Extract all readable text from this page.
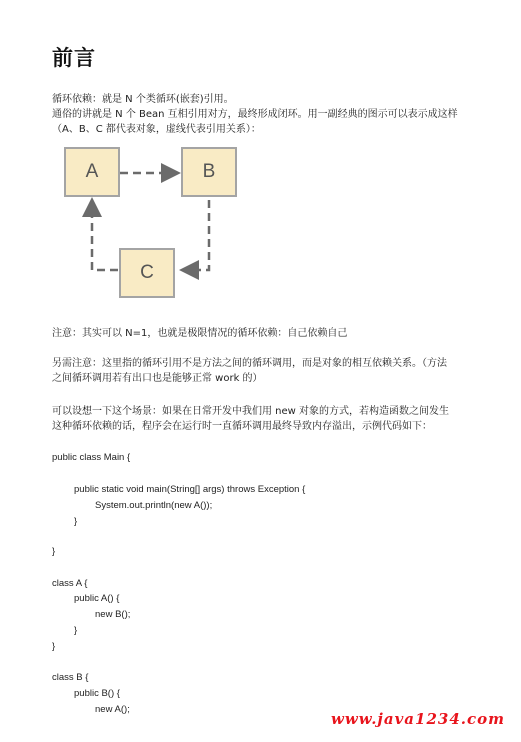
前言
循环依赖：就是 N 个类循环(嵌套)引用。
通俗的讲就是 N 个 Bean 互相引用对方，最终形成闭环。用一副经典的图示可以表示成这样
（A、B、C 都代表对象，虚线代表引用关系）：
A	B
C
注意：其实可以 N=1，也就是极限情况的循环依赖：自己依赖自己
另需注意：这里指的循环引用不是方法之间的循环调用，而是对象的相互依赖关系。（方法
之间循环调用若有出口也是能够正常 work 的）
可以设想一下这个场景：如果在日常开发中我们用 new 对象的方式，若构造函数之间发生
这种循环依赖的话，程序会在运行时一直循环调用最终导致内存溢出，示例代码如下：
public class Main {
public static void main(String[] args) throws Exception {
System.out.println(new A());
}
}
class A {
public A() {
new B();
}
}
class B {
public B() {
new A();
www.java1234.com
